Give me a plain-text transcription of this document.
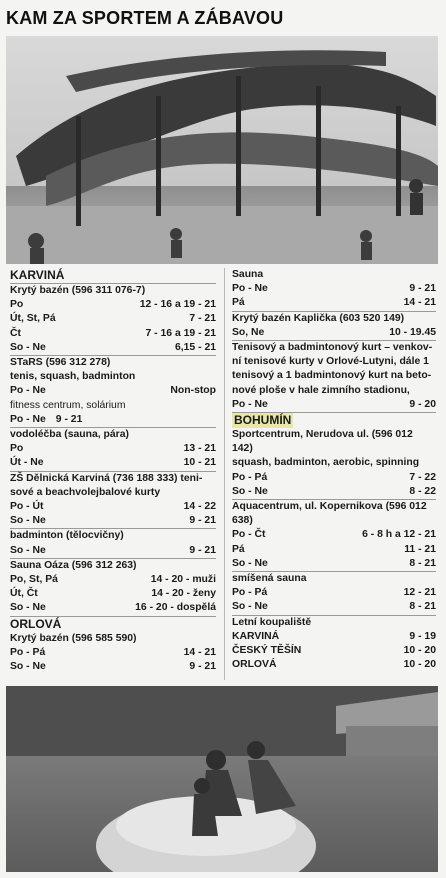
KAM ZA SPORTEM A ZÁBAVOU
KARVINÁ
Krytý bazén (596 311 076-7)
Po	12 - 16 a 19 - 21
Út, St, Pá	7 - 21
Čt	7 - 16 a 19 - 21
So - Ne	6,15 - 21
STaRS (596 312 278)
tenis, squash, badminton
Po - Ne	Non-stop
fitness centrum, solárium
Po - Ne 9 - 21
vodoléčba (sauna, pára)
Po	13 - 21
Út - Ne	10 - 21
ZŠ Dělnická Karviná (736 188 333) teni- sové a beachvolejbalové kurty
Po - Út	14 - 22
So - Ne	9 - 21
badminton (tělocvičny)
So - Ne	9 - 21
Sauna Oáza (596 312 263)
Po, St, Pá	14 - 20 - muži
Út, Čt	14 - 20 - ženy
So - Ne	16 - 20 - dospělá
ORLOVÁ
Krytý bazén (596 585 590)
Po - Pá	14 - 21
So - Ne	9 - 21
Sauna
Po - Ne	9 - 21
Pá	14 - 21
Krytý bazén Kaplička (603 520 149)
So, Ne	10 - 19.45
Tenisový a badmintonový kurt – venkov- ní tenisové kurty v Orlové-Lutyni, dále 1 tenisový a 1 badmintonový kurt na beto- nové ploše v hale zimního stadionu,
Po - Ne	9 - 20
BOHUMÍN
Sportcentrum, Nerudova ul. (596 012 142)
squash, badminton, aerobic, spinning
Po - Pá	7 - 22
So - Ne	8 - 22
Aquacentrum, ul. Kopernikova (596 012 638)
Po - Čt	6 - 8 h a 12 - 21
Pá	11 - 21
So - Ne	8 - 21
smíšená sauna
Po - Pá	12 - 21
So - Ne	8 - 21
Letní koupaliště
KARVINÁ	9 - 19
ČESKÝ TĚŠÍN	10 - 20
ORLOVÁ	10 - 20
